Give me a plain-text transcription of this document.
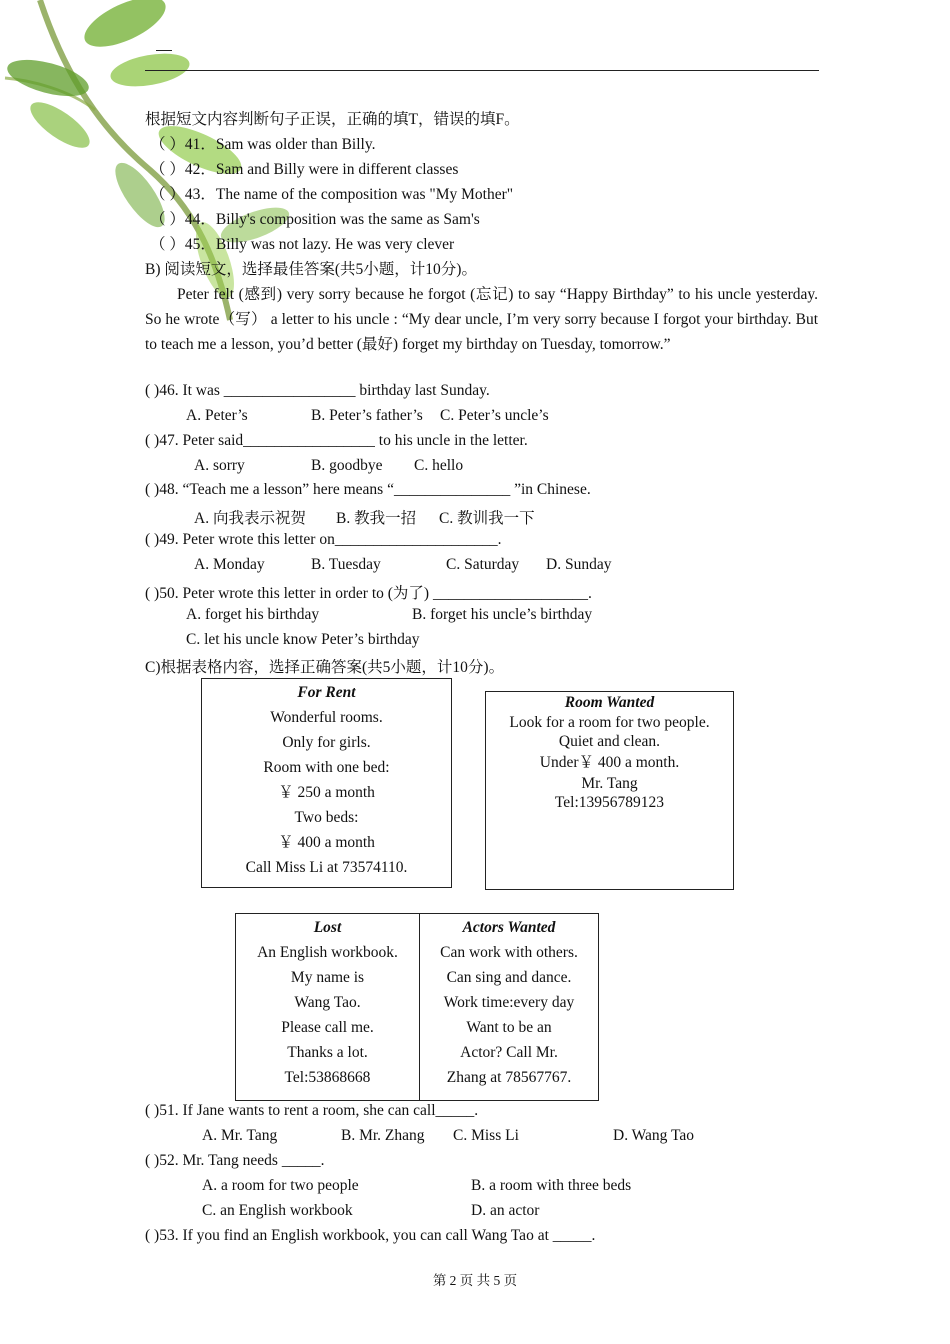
根据短文内容判断句子正误，正确的填T，错误的填F。
（ ）41．Sam was older than Billy.
（ ）42．Sam and Billy were in different classes
（ ）43．The name of the composition was "My Mother"
（ ）44．Billy's composition was the same as Sam's
（ ）45．Billy was not lazy. He was very clever
B) 阅读短文，选择最佳答案(共5小题，计10分)。
Peter felt (感到) very sorry because he forgot (忘记) to say “Happy Birthday” to his uncle yesterday. So he wrote（写） a letter to his uncle : “My dear uncle, I’m very sorry because I forgot your birthday. But to teach me a lesson, you’d better (最好) forget my birthday on Tuesday, tomorrow.”
( )46. It was _________________ birthday last Sunday.
A. Peter’s	B. Peter’s father’s C. Peter’s uncle’s
( )47. Peter said_________________ to his uncle in the letter.
A. sorry	B. goodbye C. hello
( )48. “Teach me a lesson” here means “_______________ ”in Chinese.
A. 向我表示祝贺 B. 教我一招 C. 教训我一下
( )49. Peter wrote this letter on_____________________.
A. Monday	B. Tuesday	C. Saturday D. Sunday
( )50. Peter wrote this letter in order to (为了) ____________________.
A. forget his birthday	B. forget his uncle’s birthday
C. let his uncle know Peter’s birthday
C)根据表格内容，选择正确答案(共5小题，计10分)。
For Rent
Wonderful rooms.
Only for girls.
Room with one bed:
￥ 250 a month
Two beds:
￥ 400 a month
Call Miss Li at 73574110.
Room Wanted
Look for a room for two people.
Quiet and clean.
Under￥ 400 a month.
Mr. Tang
Tel:13956789123
Lost
An English workbook.
My name is
Wang Tao.
Please call me.
Thanks a lot.
Tel:53868668
Actors Wanted
Can work with others.
Can sing and dance.
Work time:every day
Want to be an
Actor? Call Mr.
Zhang at 78567767.
( )51. If Jane wants to rent a room, she can call_____.
A. Mr. Tang	B. Mr. Zhang C. Miss Li	D. Wang Tao
( )52. Mr. Tang needs _____.
A. a room for two people	B. a room with three beds
C. an English workbook	D. an actor
( )53. If you find an English workbook, you can call Wang Tao at _____.
第 2 页 共 5 页
